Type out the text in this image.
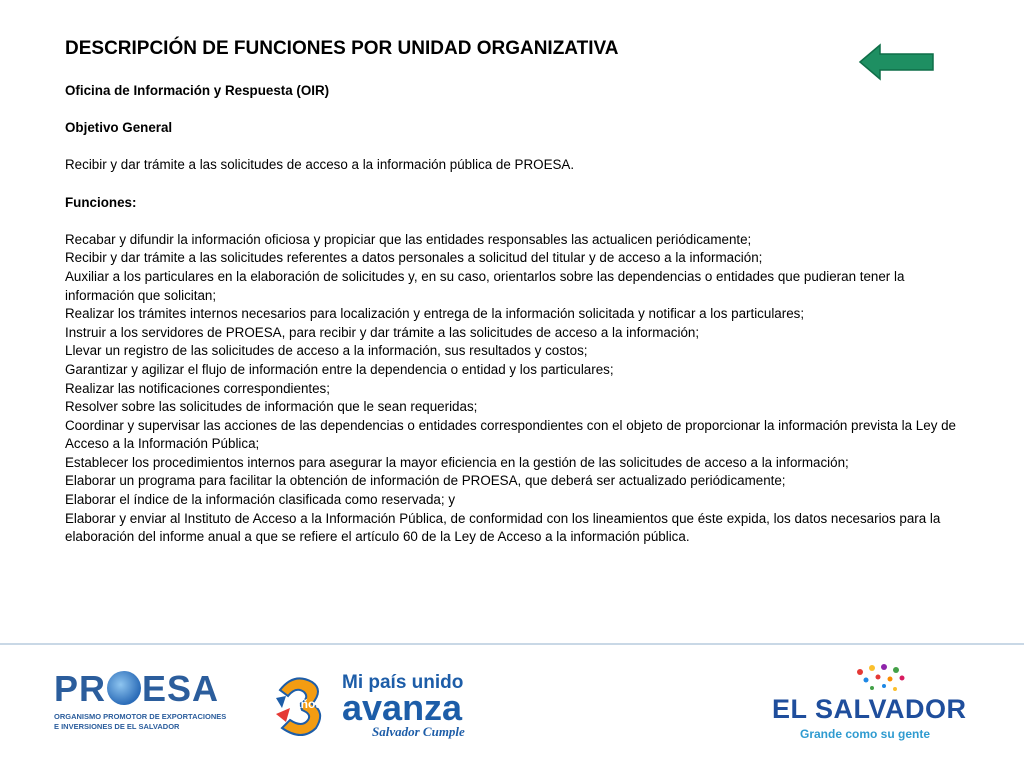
DESCRIPCIÓN DE FUNCIONES POR UNIDAD ORGANIZATIVA

Oficina de Información y Respuesta (OIR)

Objetivo General

Recibir y dar trámite a las solicitudes de acceso a la información pública de PROESA.

Funciones:

Recabar y difundir la información oficiosa y propiciar que las entidades responsables las actualicen periódicamente;

Recibir y dar trámite a las solicitudes referentes a datos personales a solicitud del titular y de acceso a la información;

Auxiliar a los particulares en la elaboración de solicitudes y, en su caso, orientarlos sobre las dependencias o entidades que pudieran tener la información que solicitan;

Realizar los trámites internos necesarios para localización y entrega de la información solicitada y notificar a los particulares;

Instruir a los servidores de PROESA, para recibir y dar trámite a las solicitudes de acceso a la información;

Llevar un registro de las solicitudes de acceso a la información, sus resultados y costos;

Garantizar y agilizar el flujo de información entre la dependencia o entidad y los particulares;

Realizar las notificaciones correspondientes;

Resolver sobre las solicitudes de información que le sean requeridas;

Coordinar y supervisar las acciones de las dependencias o entidades correspondientes con el objeto de proporcionar la información prevista la Ley de Acceso a la Información Pública;

Establecer los procedimientos internos para asegurar la mayor eficiencia en la gestión de las solicitudes de acceso a la información;

Elaborar un programa para facilitar la obtención de información de PROESA, que deberá ser actualizado periódicamente;

Elaborar el índice de la información clasificada como reservada; y

Elaborar y enviar al Instituto de Acceso a la Información Pública, de conformidad con los lineamientos que éste expida, los datos necesarios para la elaboración del informe anual a que se refiere el artículo 60 de la Ley de Acceso a la información pública.

PR ESA
ORGANISMO PROMOTOR DE EXPORTACIONES
E INVERSIONES DE EL SALVADOR	3
años
Mi país unido
avanza
Salvador Cumple
EL SALVADOR
Grande como su gente
